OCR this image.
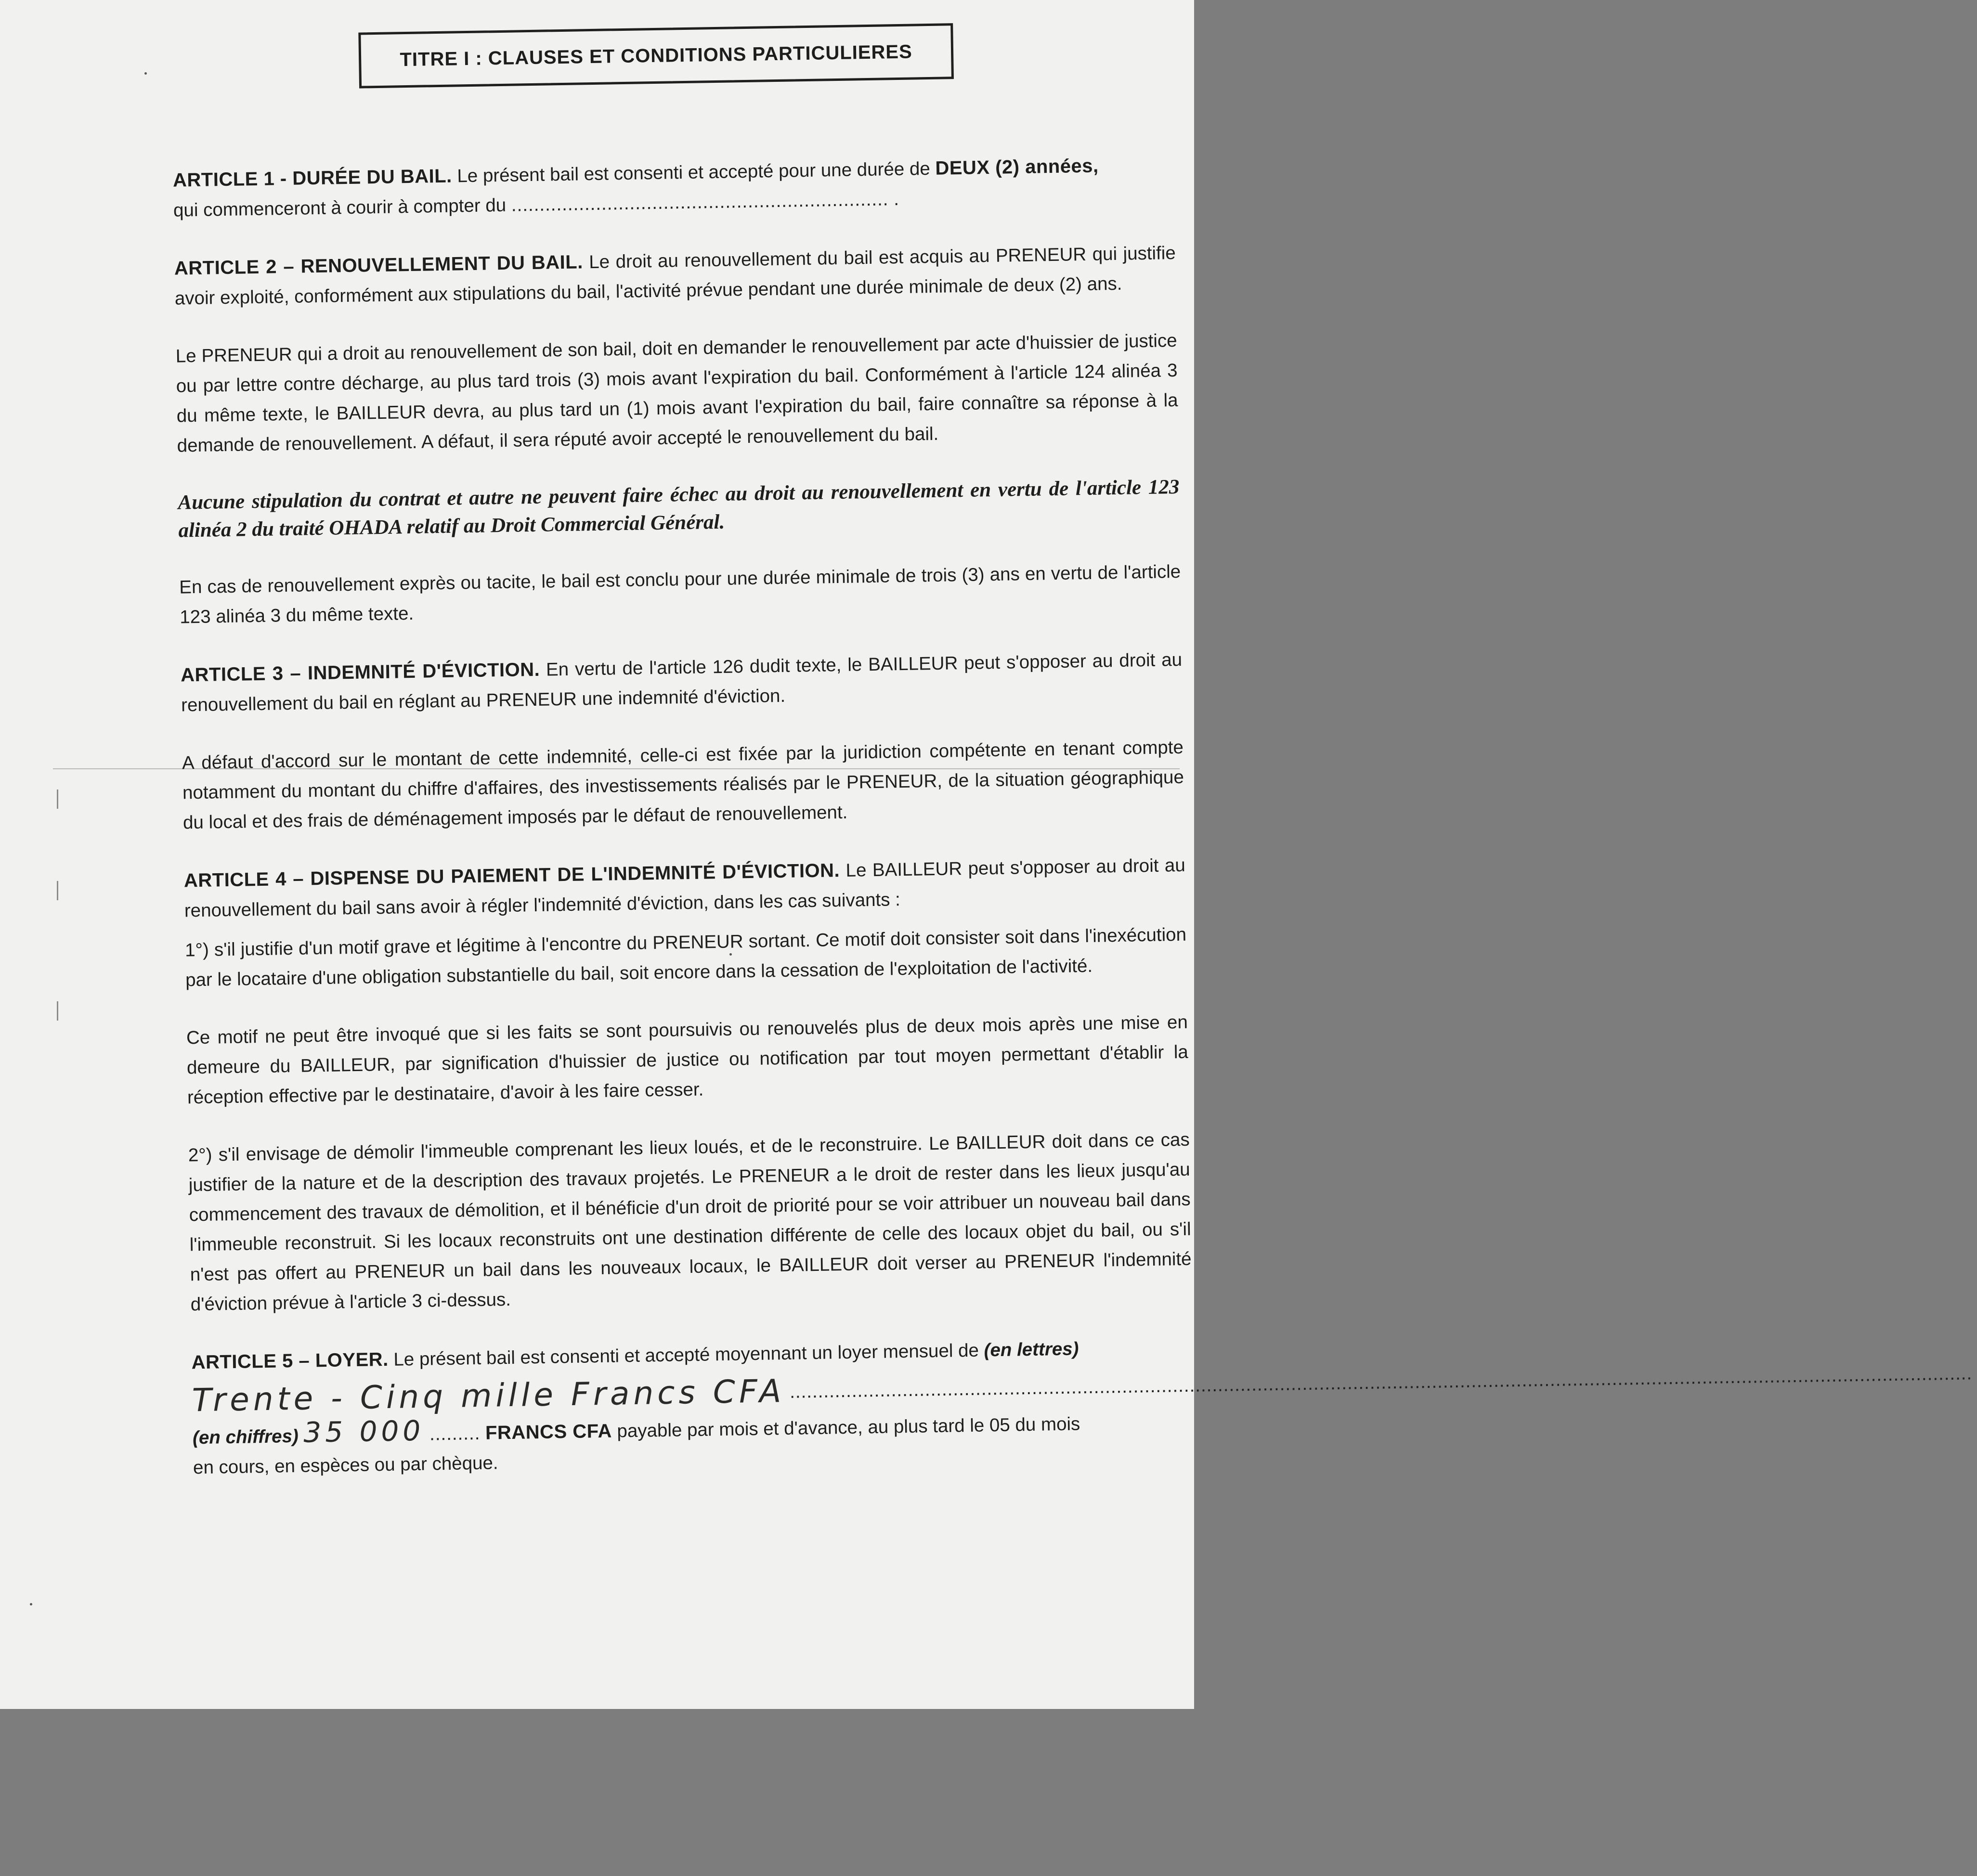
TITRE I : CLAUSES ET CONDITIONS PARTICULIERES
ARTICLE 1 - DURÉE DU BAIL. Le présent bail est consenti et accepté pour une durée de DEUX (2) années,
qui commenceront à courir à compter du ................................................................... .
ARTICLE 2 – RENOUVELLEMENT DU BAIL. Le droit au renouvellement du bail est acquis au PRENEUR qui justifie avoir exploité, conformément aux stipulations du bail, l'activité prévue pendant une durée minimale de deux (2) ans.
Le PRENEUR qui a droit au renouvellement de son bail, doit en demander le renouvellement par acte d'huissier de justice ou par lettre contre décharge, au plus tard trois (3) mois avant l'expiration du bail. Conformément à l'article 124 alinéa 3 du même texte, le BAILLEUR devra, au plus tard un (1) mois avant l'expiration du bail, faire connaître sa réponse à la demande de renouvellement. A défaut, il sera réputé avoir accepté le renouvellement du bail.
Aucune stipulation du contrat et autre ne peuvent faire échec au droit au renouvellement en vertu de l'article 123 alinéa 2 du traité OHADA relatif au Droit Commercial Général.
En cas de renouvellement exprès ou tacite, le bail est conclu pour une durée minimale de trois (3) ans en vertu de l'article 123 alinéa 3 du même texte.
ARTICLE 3 – INDEMNITÉ D'ÉVICTION. En vertu de l'article 126 dudit texte, le BAILLEUR peut s'opposer au droit au renouvellement du bail en réglant au PRENEUR une indemnité d'éviction.
A défaut d'accord sur le montant de cette indemnité, celle-ci est fixée par la juridiction compétente en tenant compte notamment du montant du chiffre d'affaires, des investissements réalisés par le PRENEUR, de la situation géographique du local et des frais de déménagement imposés par le défaut de renouvellement.
ARTICLE 4 – DISPENSE DU PAIEMENT DE L'INDEMNITÉ D'ÉVICTION. Le BAILLEUR peut s'opposer au droit au renouvellement du bail sans avoir à régler l'indemnité d'éviction, dans les cas suivants :
1°) s'il justifie d'un motif grave et légitime à l'encontre du PRENEUR sortant. Ce motif doit consister soit dans l'inexécution par le locataire d'une obligation substantielle du bail, soit encore dans la cessation de l'exploitation de l'activité.
Ce motif ne peut être invoqué que si les faits se sont poursuivis ou renouvelés plus de deux mois après une mise en demeure du BAILLEUR, par signification d'huissier de justice ou notification par tout moyen permettant d'établir la réception effective par le destinataire, d'avoir à les faire cesser.
2°) s'il envisage de démolir l'immeuble comprenant les lieux loués, et de le reconstruire. Le BAILLEUR doit dans ce cas justifier de la nature et de la description des travaux projetés. Le PRENEUR a le droit de rester dans les lieux jusqu'au commencement des travaux de démolition, et il bénéficie d'un droit de priorité pour se voir attribuer un nouveau bail dans l'immeuble reconstruit. Si les locaux reconstruits ont une destination différente de celle des locaux objet du bail, ou s'il n'est pas offert au PRENEUR un bail dans les nouveaux locaux, le BAILLEUR doit verser au PRENEUR l'indemnité d'éviction prévue à l'article 3 ci-dessus.
ARTICLE 5 – LOYER. Le présent bail est consenti et accepté moyennant un loyer mensuel de (en lettres)
Trente - Cinq mille Francs CFA ..................................................................................................................................................................................................................
(en chiffres) 35 000 ......... FRANCS CFA payable par mois et d'avance, au plus tard le 05 du mois
en cours, en espèces ou par chèque.
